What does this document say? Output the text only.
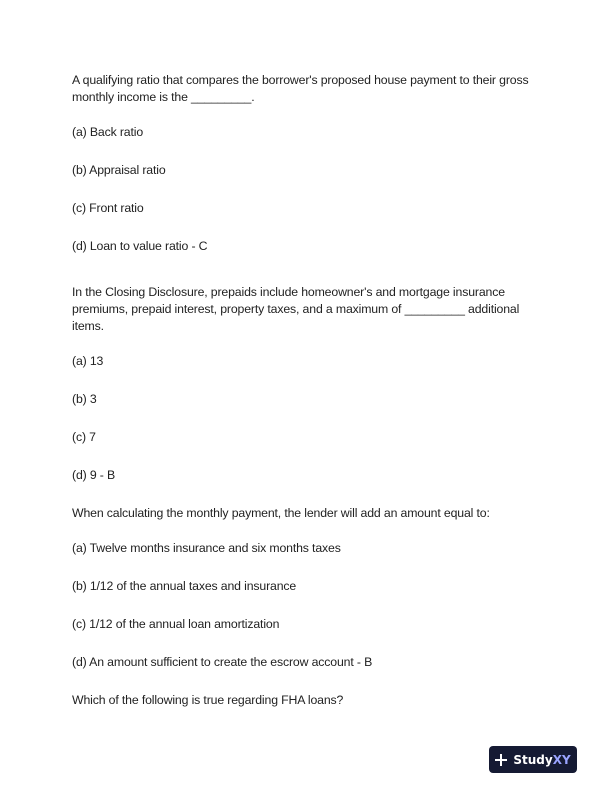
A qualifying ratio that compares the borrower's proposed house payment to their gross monthly income is the _________.

(a) Back ratio

(b) Appraisal ratio

(c) Front ratio

(d) Loan to value ratio - C

In the Closing Disclosure, prepaids include homeowner's and mortgage insurance premiums, prepaid interest, property taxes, and a maximum of _________ additional items.

(a) 13

(b) 3

(c) 7

(d) 9 - B

When calculating the monthly payment, the lender will add an amount equal to:

(a) Twelve months insurance and six months taxes

(b) 1/12 of the annual taxes and insurance

(c) 1/12 of the annual loan amortization

(d) An amount sufficient to create the escrow account - B

Which of the following is true regarding FHA loans?

StudyXY
